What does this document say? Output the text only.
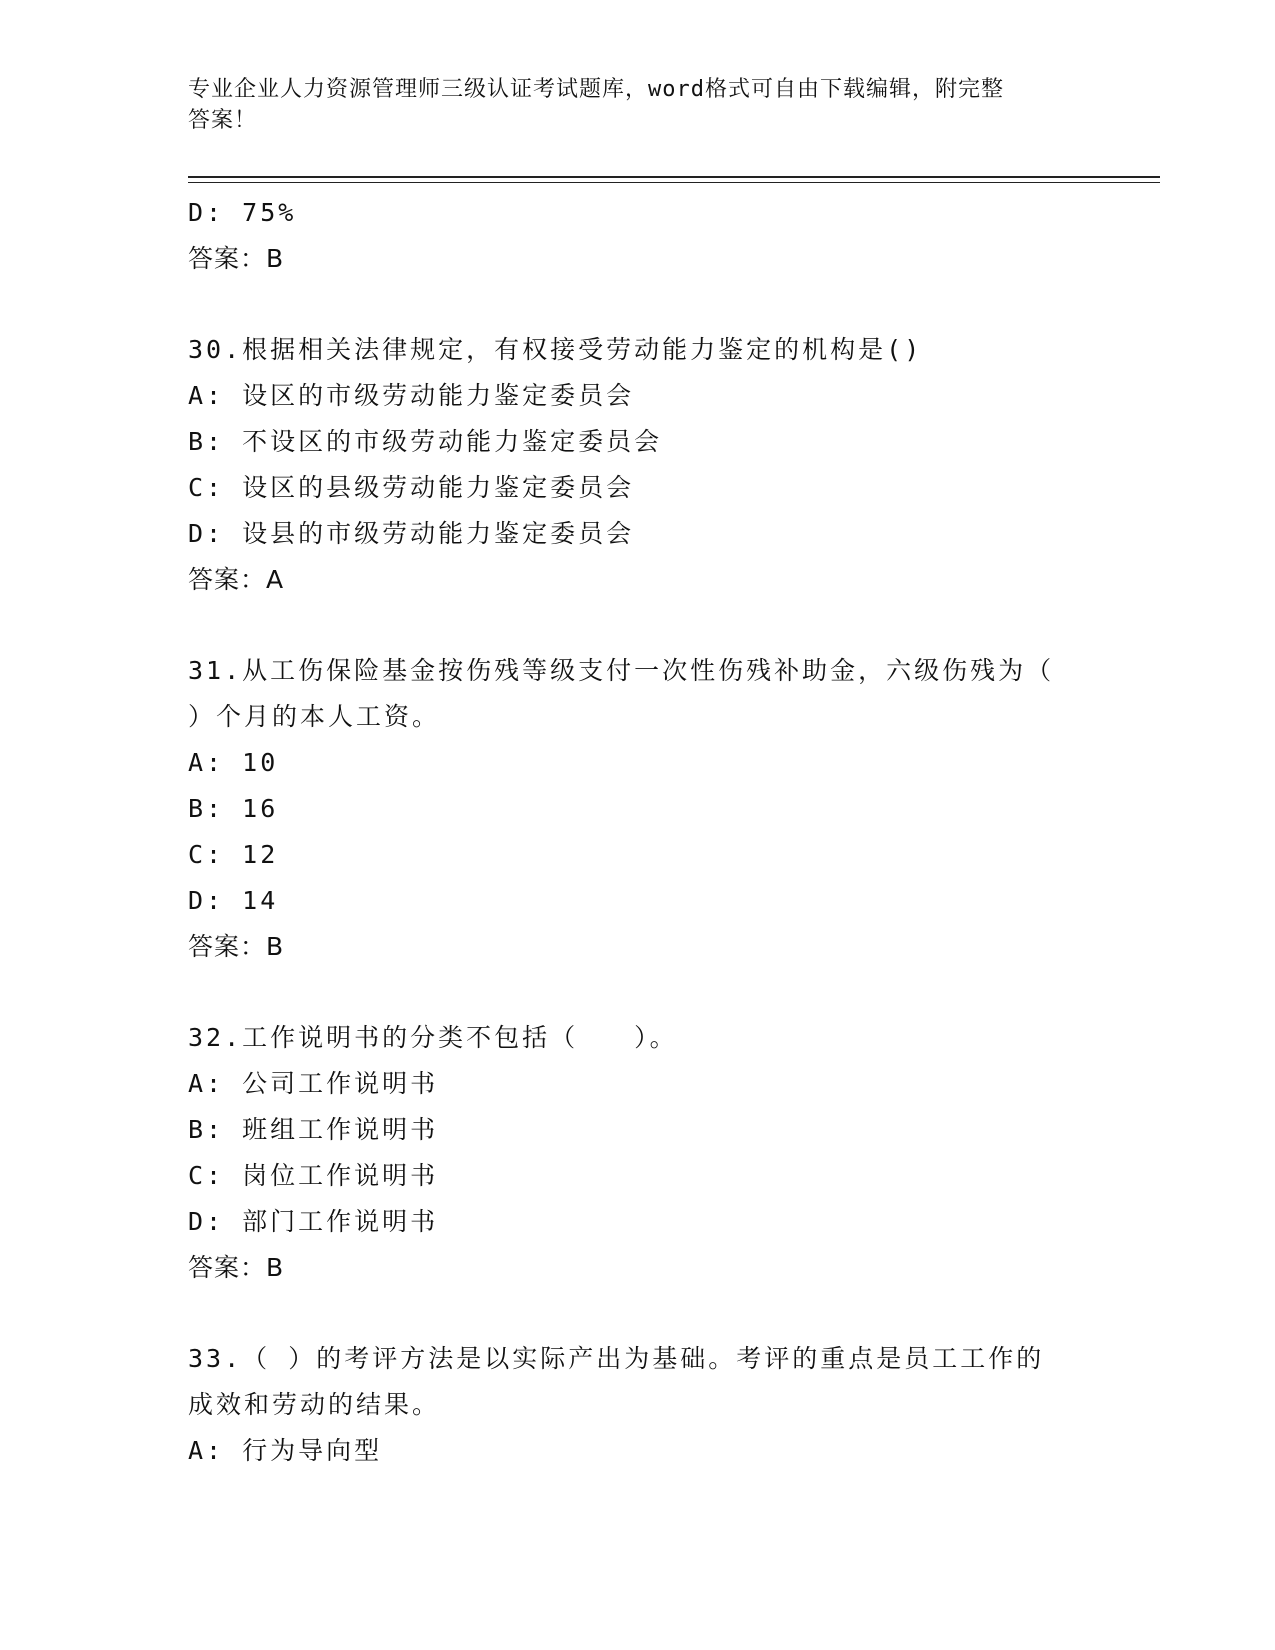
专业企业人力资源管理师三级认证考试题库，word格式可自由下载编辑，附完整
答案！
D: 75%
答案：B
30.根据相关法律规定，有权接受劳动能力鉴定的机构是()
A: 设区的市级劳动能力鉴定委员会
B: 不设区的市级劳动能力鉴定委员会
C: 设区的县级劳动能力鉴定委员会
D: 设县的市级劳动能力鉴定委员会
答案：A
31.从工伤保险基金按伤残等级支付一次性伤残补助金，六级伤残为（
）个月的本人工资。
A: 10
B: 16
C: 12
D: 14
答案：B
32.工作说明书的分类不包括（　　）。
A: 公司工作说明书
B: 班组工作说明书
C: 岗位工作说明书
D: 部门工作说明书
答案：B
33.（ ）的考评方法是以实际产出为基础。考评的重点是员工工作的
成效和劳动的结果。
A: 行为导向型
